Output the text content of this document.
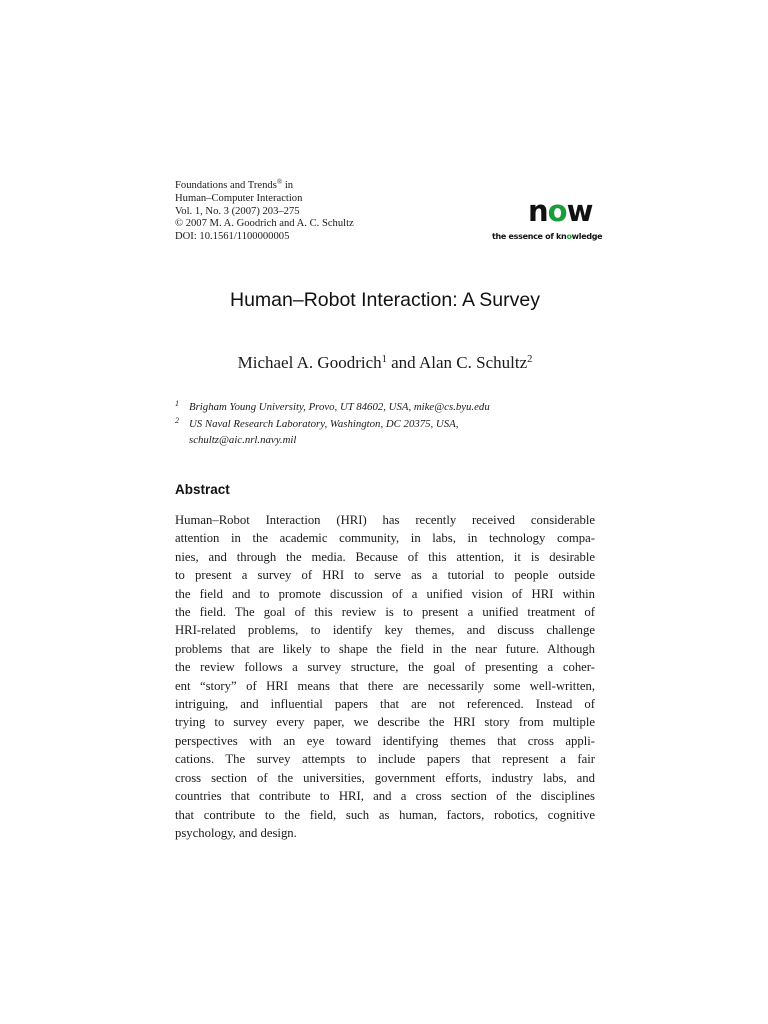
Foundations and Trends® in
Human–Computer Interaction
Vol. 1, No. 3 (2007) 203–275
© 2007 M. A. Goodrich and A. C. Schultz
DOI: 10.1561/1100000005
now
the essence of knowledge
Human–Robot Interaction: A Survey
Michael A. Goodrich$^1$ and Alan C. Schultz$^2$
1 Brigham Young University, Provo, UT 84602, USA, mike@cs.byu.edu
2 US Naval Research Laboratory, Washington, DC 20375, USA,
schultz@aic.nrl.navy.mil
Abstract
Human–Robot Interaction (HRI) has recently received considerable
attention in the academic community, in labs, in technology compa-
nies, and through the media. Because of this attention, it is desirable
to present a survey of HRI to serve as a tutorial to people outside
the field and to promote discussion of a unified vision of HRI within
the field. The goal of this review is to present a unified treatment of
HRI-related problems, to identify key themes, and discuss challenge
problems that are likely to shape the field in the near future. Although
the review follows a survey structure, the goal of presenting a coher-
ent “story” of HRI means that there are necessarily some well-written,
intriguing, and influential papers that are not referenced. Instead of
trying to survey every paper, we describe the HRI story from multiple
perspectives with an eye toward identifying themes that cross appli-
cations. The survey attempts to include papers that represent a fair
cross section of the universities, government efforts, industry labs, and
countries that contribute to HRI, and a cross section of the disciplines
that contribute to the field, such as human, factors, robotics, cognitive
psychology, and design.
